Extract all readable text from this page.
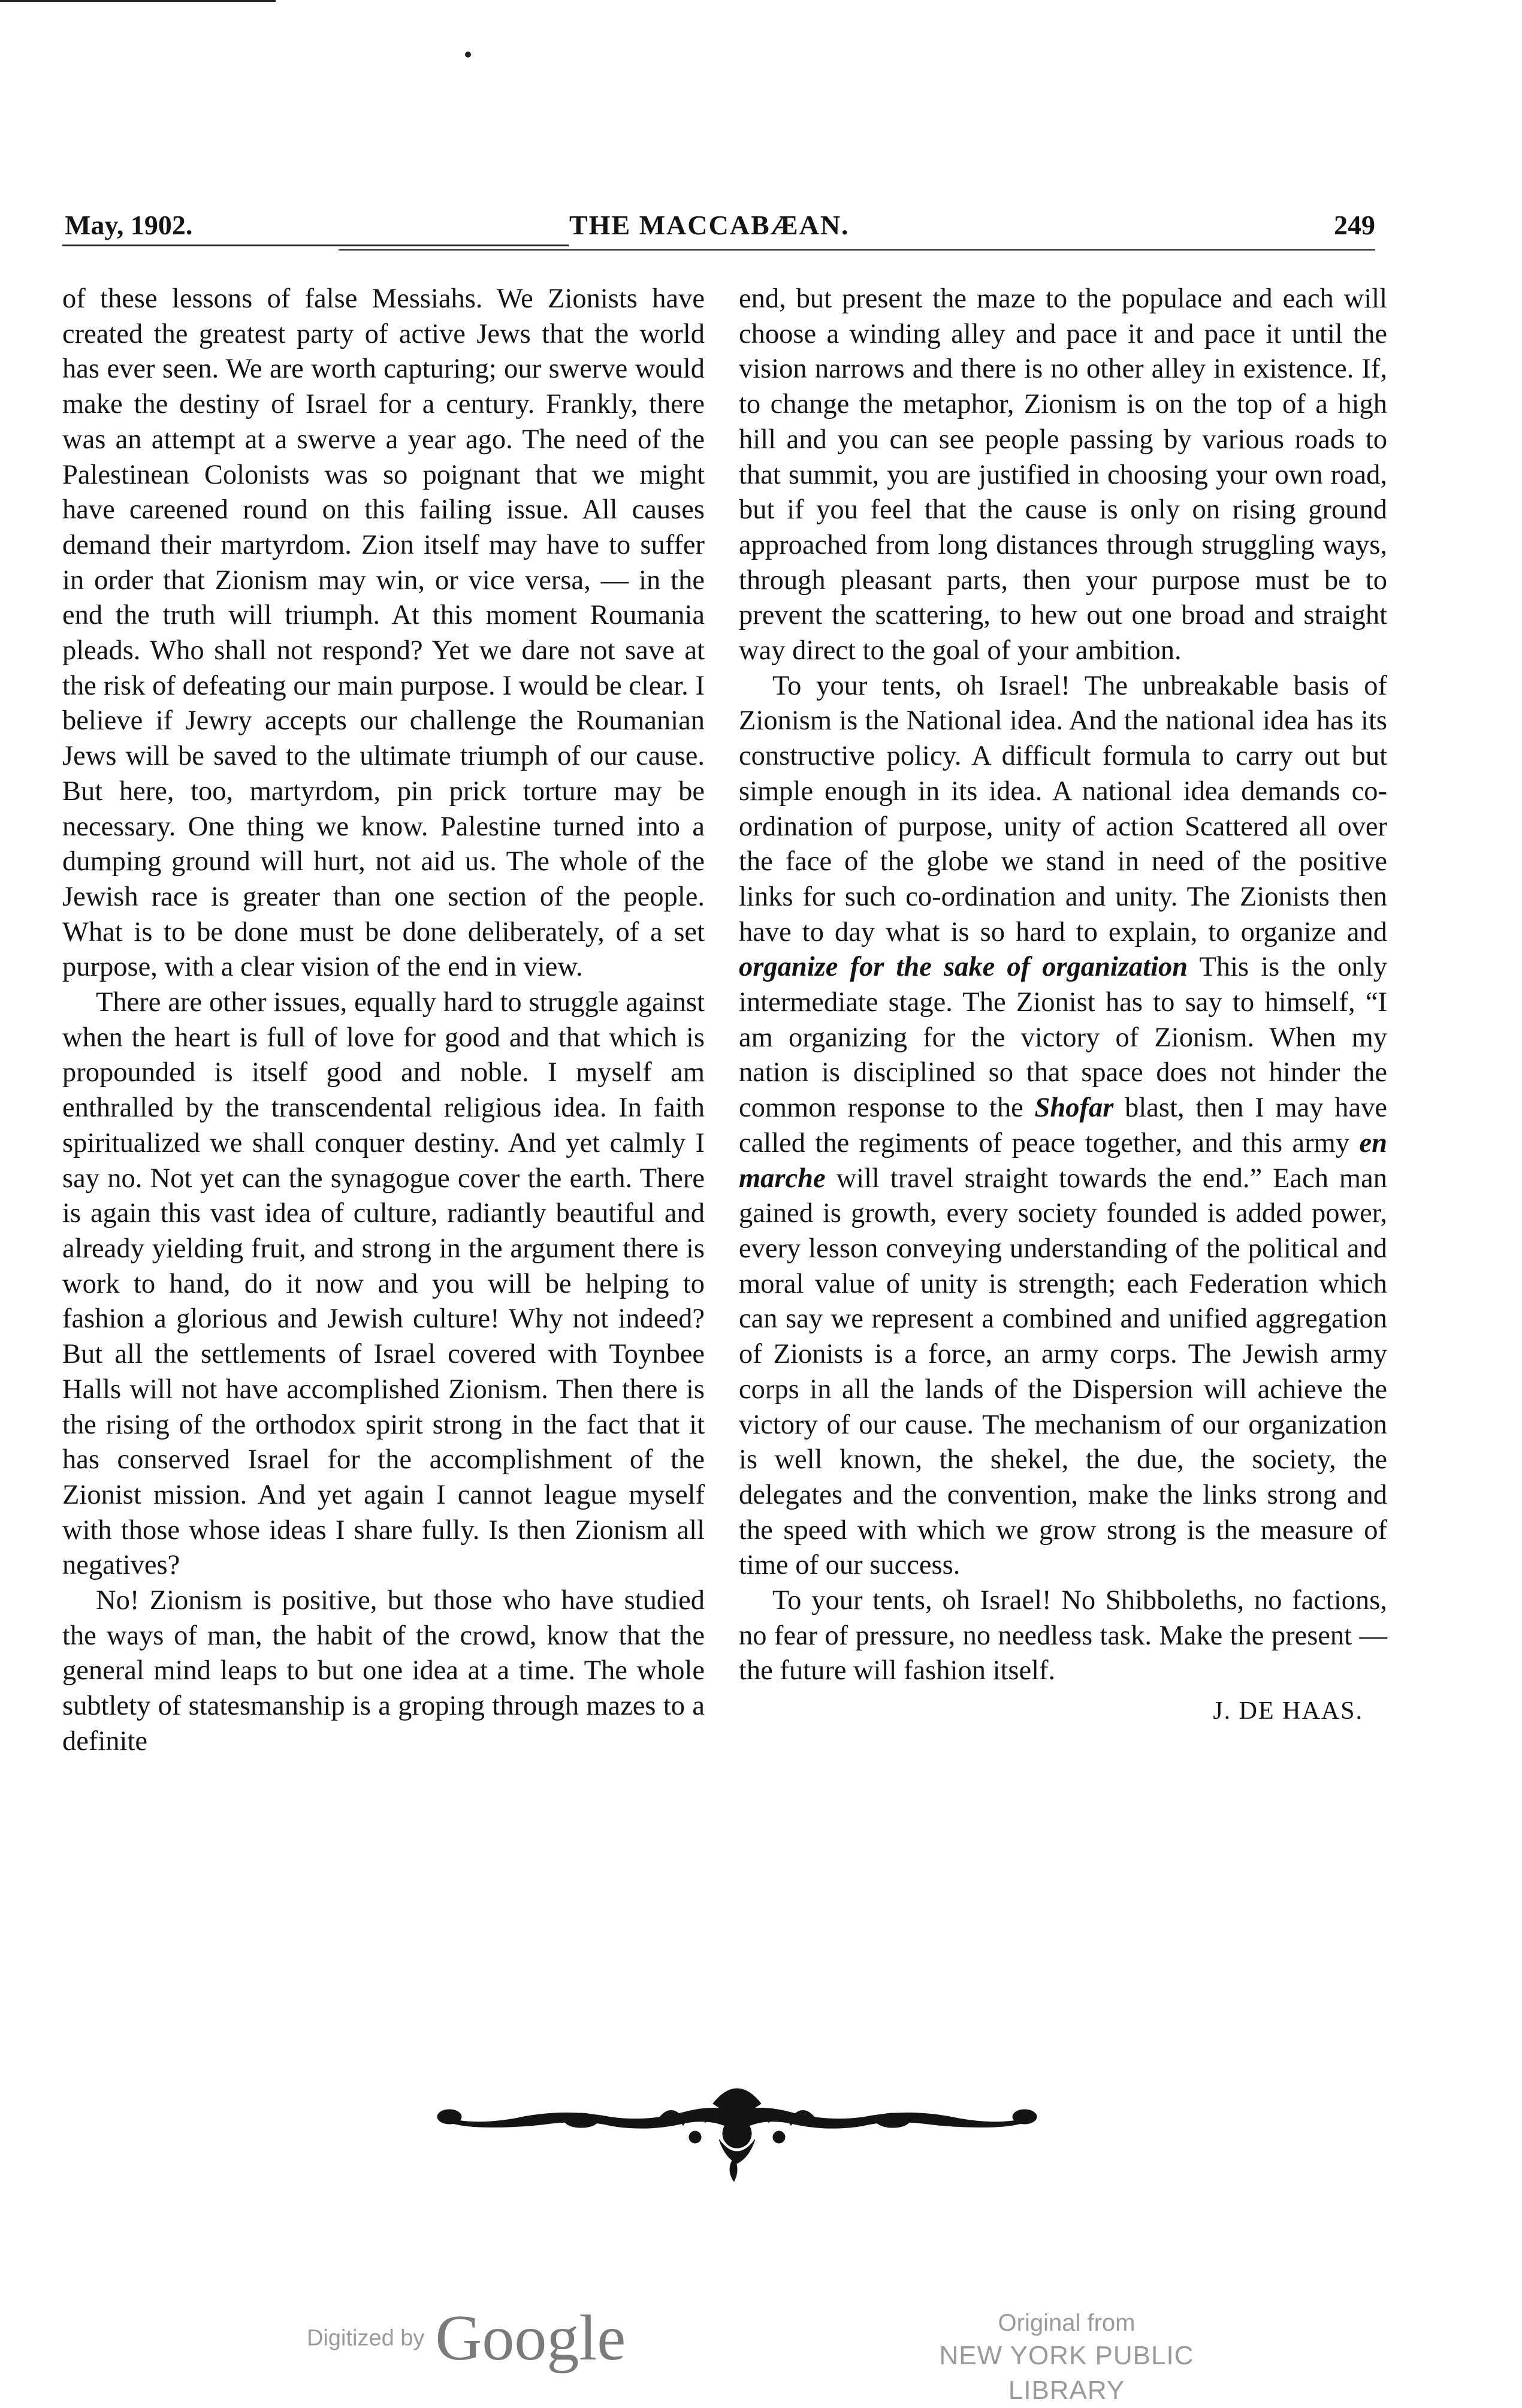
May, 1902.	THE MACCABÆAN.	249

of these lessons of false Messiahs. We Zionists have created the greatest party of active Jews that the world has ever seen. We are worth capturing; our swerve would make the destiny of Israel for a century. Frankly, there was an attempt at a swerve a year ago. The need of the Palestinean Colonists was so poignant that we might have careened round on this failing issue. All causes demand their martyrdom. Zion itself may have to suffer in order that Zionism may win, or vice versa, — in the end the truth will triumph. At this moment Roumania pleads. Who shall not respond? Yet we dare not save at the risk of defeating our main purpose. I would be clear. I believe if Jewry accepts our challenge the Roumanian Jews will be saved to the ultimate triumph of our cause. But here, too, martyrdom, pin prick torture may be necessary. One thing we know. Palestine turned into a dumping ground will hurt, not aid us. The whole of the Jewish race is greater than one section of the people. What is to be done must be done deliberately, of a set purpose, with a clear vision of the end in view.

There are other issues, equally hard to struggle against when the heart is full of love for good and that which is propounded is itself good and noble. I myself am enthralled by the transcendental religious idea. In faith spiritualized we shall conquer destiny. And yet calmly I say no. Not yet can the synagogue cover the earth. There is again this vast idea of culture, radiantly beautiful and already yielding fruit, and strong in the argument there is work to hand, do it now and you will be helping to fashion a glorious and Jewish culture! Why not indeed? But all the settlements of Israel covered with Toynbee Halls will not have accomplished Zionism. Then there is the rising of the orthodox spirit strong in the fact that it has conserved Israel for the accomplishment of the Zionist mission. And yet again I cannot league myself with those whose ideas I share fully. Is then Zionism all negatives?

No! Zionism is positive, but those who have studied the ways of man, the habit of the crowd, know that the general mind leaps to but one idea at a time. The whole subtlety of statesmanship is a groping through mazes to a definite

end, but present the maze to the populace and each will choose a winding alley and pace it and pace it until the vision narrows and there is no other alley in existence. If, to change the metaphor, Zionism is on the top of a high hill and you can see people passing by various roads to that summit, you are justified in choosing your own road, but if you feel that the cause is only on rising ground approached from long distances through struggling ways, through pleasant parts, then your purpose must be to prevent the scattering, to hew out one broad and straight way direct to the goal of your ambition.

To your tents, oh Israel! The unbreakable basis of Zionism is the National idea. And the national idea has its constructive policy. A difficult formula to carry out but simple enough in its idea. A national idea demands co-ordination of purpose, unity of action Scattered all over the face of the globe we stand in need of the positive links for such co-ordination and unity. The Zionists then have to day what is so hard to explain, to organize and organize for the sake of organization This is the only intermediate stage. The Zionist has to say to himself, “I am organizing for the victory of Zionism. When my nation is disciplined so that space does not hinder the common response to the Shofar blast, then I may have called the regiments of peace together, and this army en marche will travel straight towards the end.” Each man gained is growth, every society founded is added power, every lesson conveying understanding of the political and moral value of unity is strength; each Federation which can say we represent a combined and unified aggregation of Zionists is a force, an army corps. The Jewish army corps in all the lands of the Dispersion will achieve the victory of our cause. The mechanism of our organization is well known, the shekel, the due, the society, the delegates and the convention, make the links strong and the speed with which we grow strong is the measure of time of our success.

To your tents, oh Israel! No Shibboleths, no factions, no fear of pressure, no needless task. Make the present — the future will fashion itself.

J. DE HAAS.

Digitized by Google	Original from
NEW YORK PUBLIC LIBRARY
